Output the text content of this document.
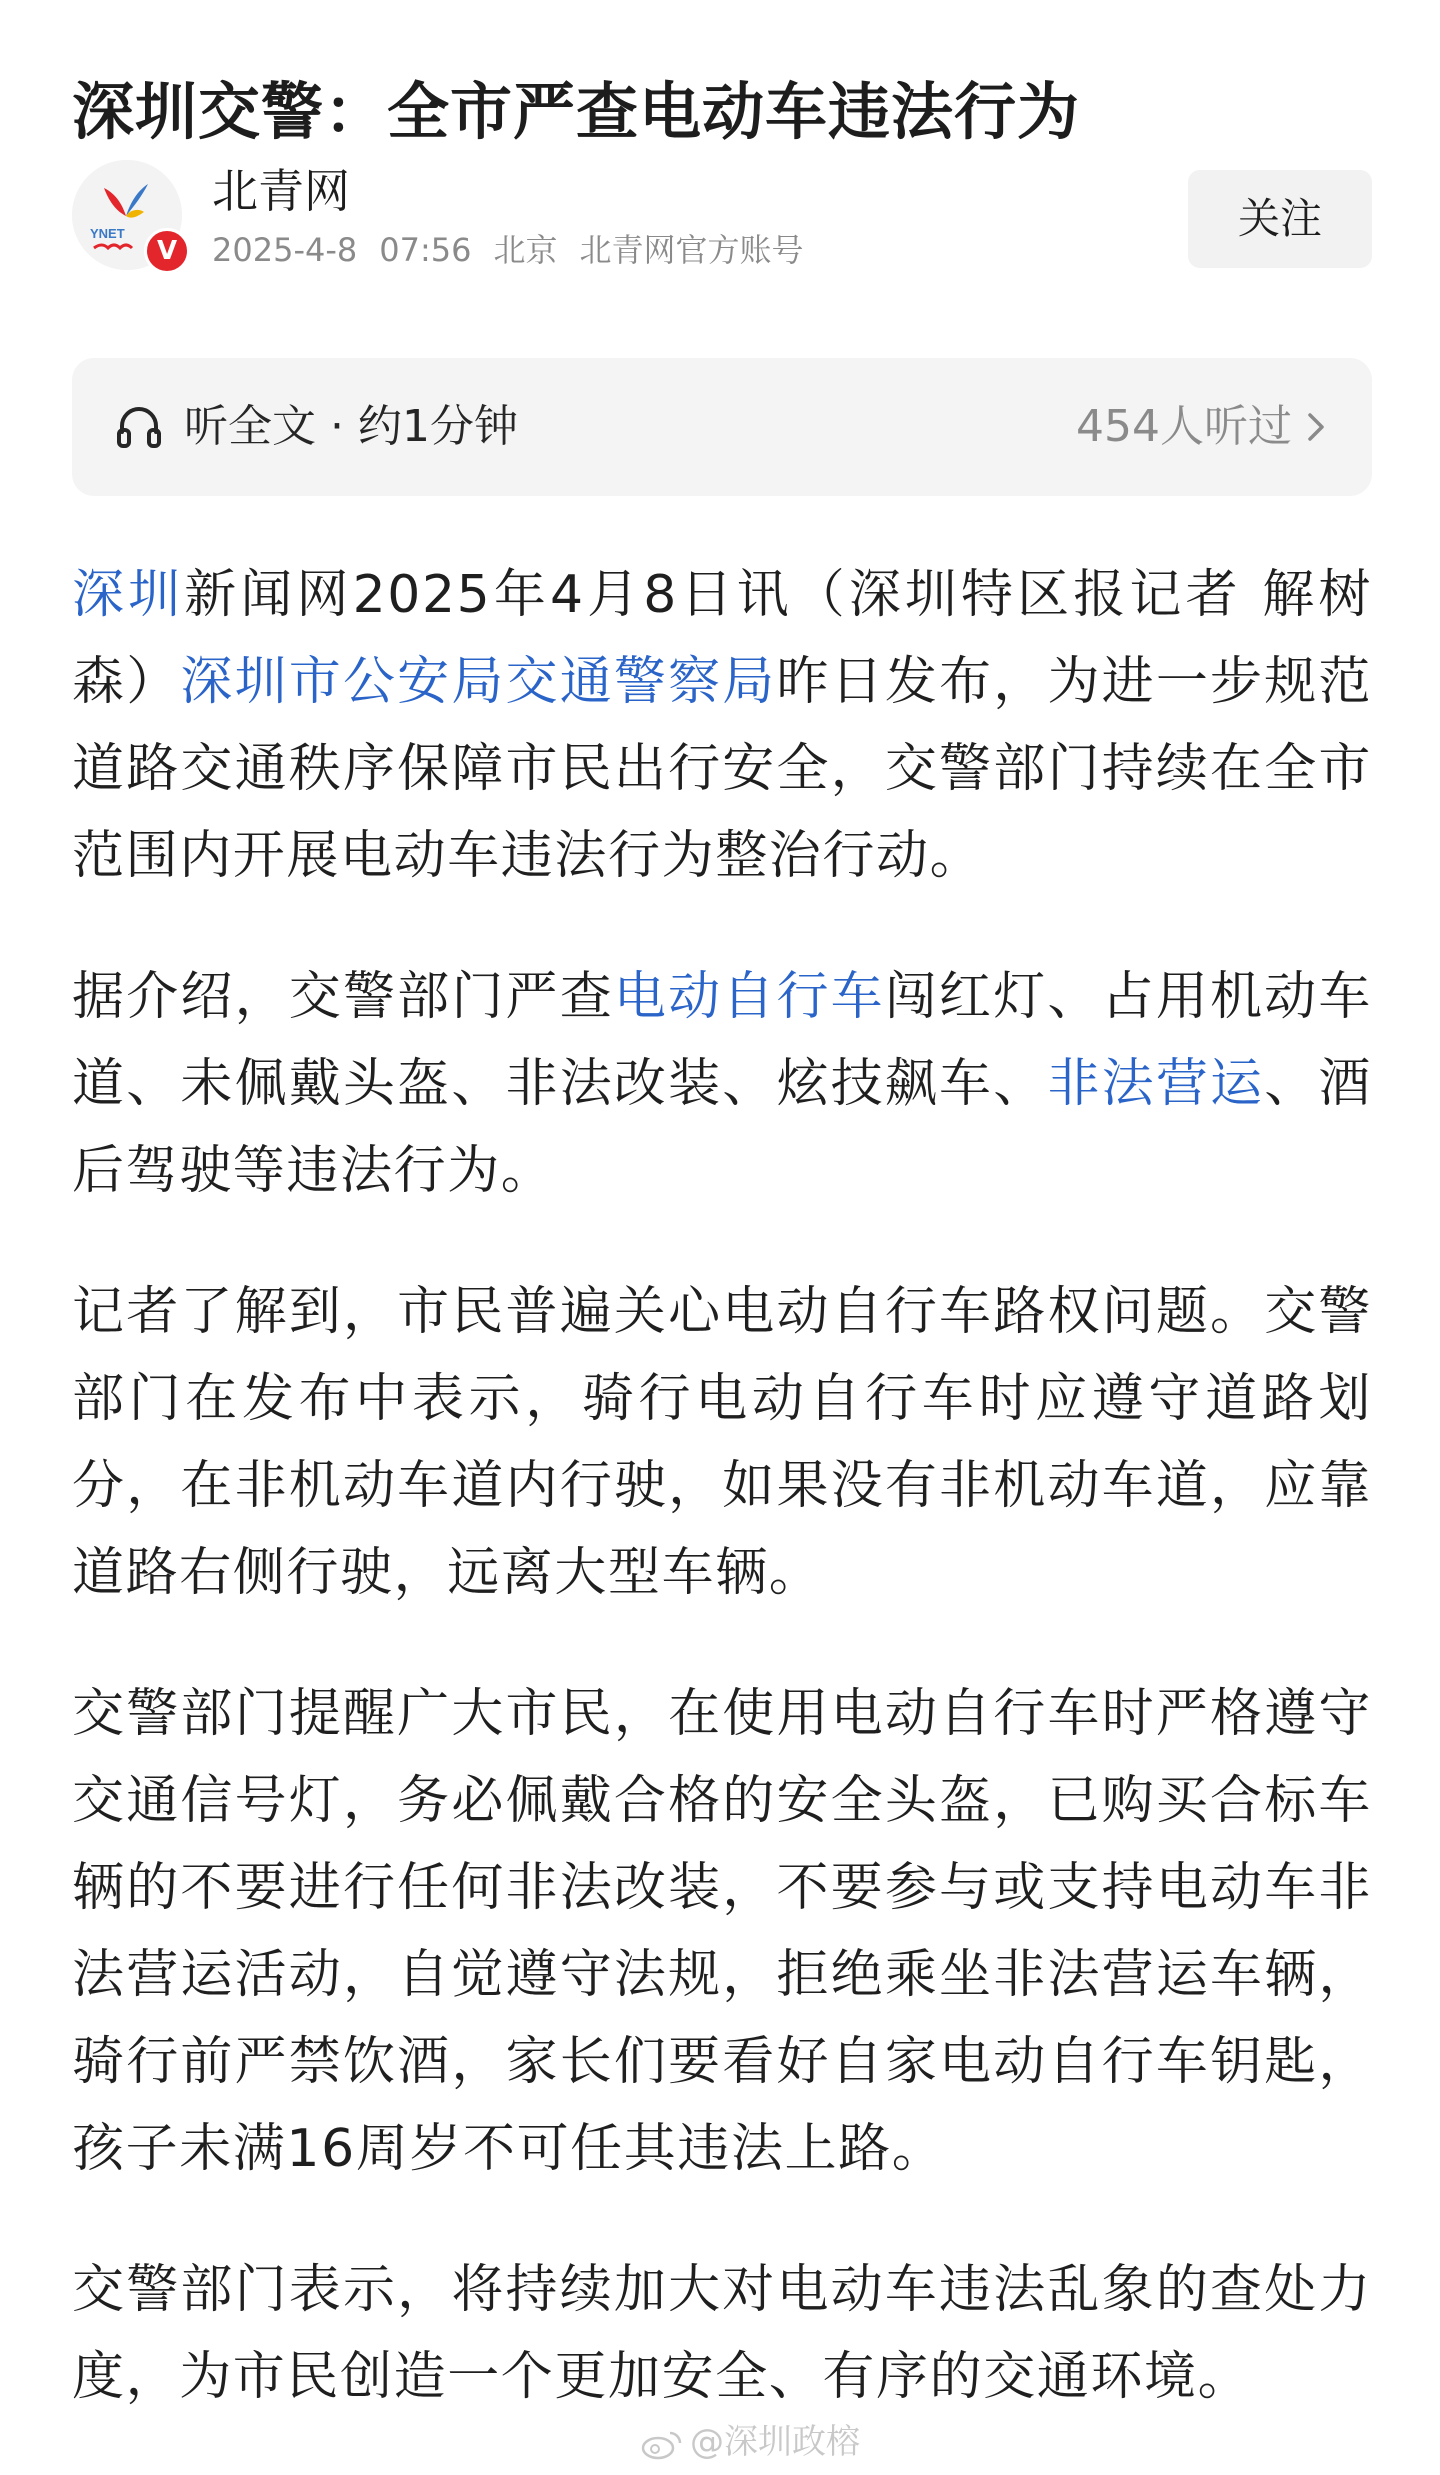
深圳交警：全市严查电动车违法行为
YNET
V
北青网
2025-4-8 07:56 北京 北青网官方账号
关注
听全文 · 约1分钟	454人听过

深圳新闻网2025年4月8日讯（深圳特区报记者 解树森）深圳市公安局交通警察局昨日发布，为进一步规范道路交通秩序保障市民出行安全，交警部门持续在全市范围内开展电动车违法行为整治行动。

据介绍，交警部门严查电动自行车闯红灯、占用机动车道、未佩戴头盔、非法改装、炫技飙车、非法营运、酒后驾驶等违法行为。

记者了解到，市民普遍关心电动自行车路权问题。交警部门在发布中表示，骑行电动自行车时应遵守道路划分，在非机动车道内行驶，如果没有非机动车道，应靠道路右侧行驶，远离大型车辆。

交警部门提醒广大市民，在使用电动自行车时严格遵守交通信号灯，务必佩戴合格的安全头盔，已购买合标车辆的不要进行任何非法改装，不要参与或支持电动车非法营运活动，自觉遵守法规，拒绝乘坐非法营运车辆，骑行前严禁饮酒，家长们要看好自家电动自行车钥匙，孩子未满16周岁不可任其违法上路。

交警部门表示，将持续加大对电动车违法乱象的查处力度，为市民创造一个更加安全、有序的交通环境。

@深圳政榕
